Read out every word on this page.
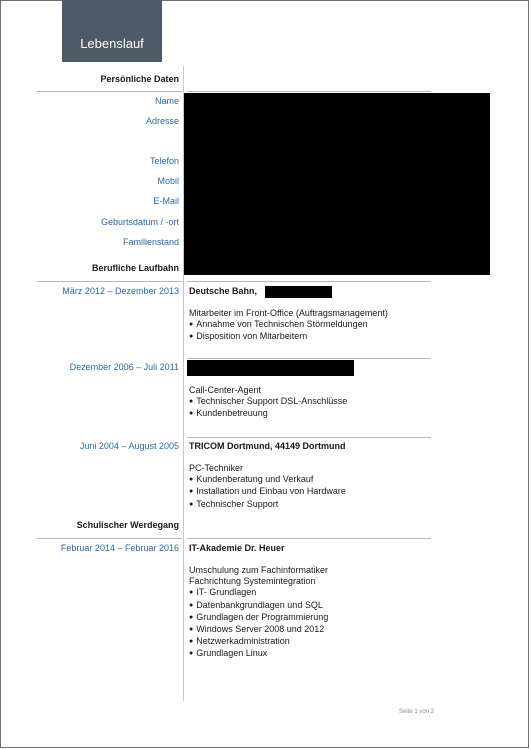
Lebenslauf
Persönliche Daten
Name
Adresse
Telefon
Mobil
E-Mail
Geburtsdatum / -ort
Familienstand
Berufliche Laufbahn
März 2012 – Dezember 2013 Deutsche Bahn,
Mitarbeiter im Front-Office (Auftragsmanagement)
● Annahme von Technischen Störmeldungen
● Disposition von Mitarbeitern
Dezember 2006 – Juli 2011
Call-Center-Agent
● Technischer Support DSL-Anschlüsse
● Kundenbetreuung
Juni 2004 – August 2005 TRICOM Dortmund, 44149 Dortmund
PC-Techniker
● Kundenberatung und Verkauf
● Installation und Einbau von Hardware
● Technischer Support
Schulischer Werdegang
Februar 2014 – Februar 2016 IT-Akademie Dr. Heuer
Umschulung zum Fachinformatiker
Fachrichtung Systemintegration
● IT- Grundlagen
● Datenbankgrundlagen und SQL
● Grundlagen der Programmierung
● Windows Server 2008 und 2012
● Netzwerkadministration
● Grundlagen Linux
Seite 1 von 2
